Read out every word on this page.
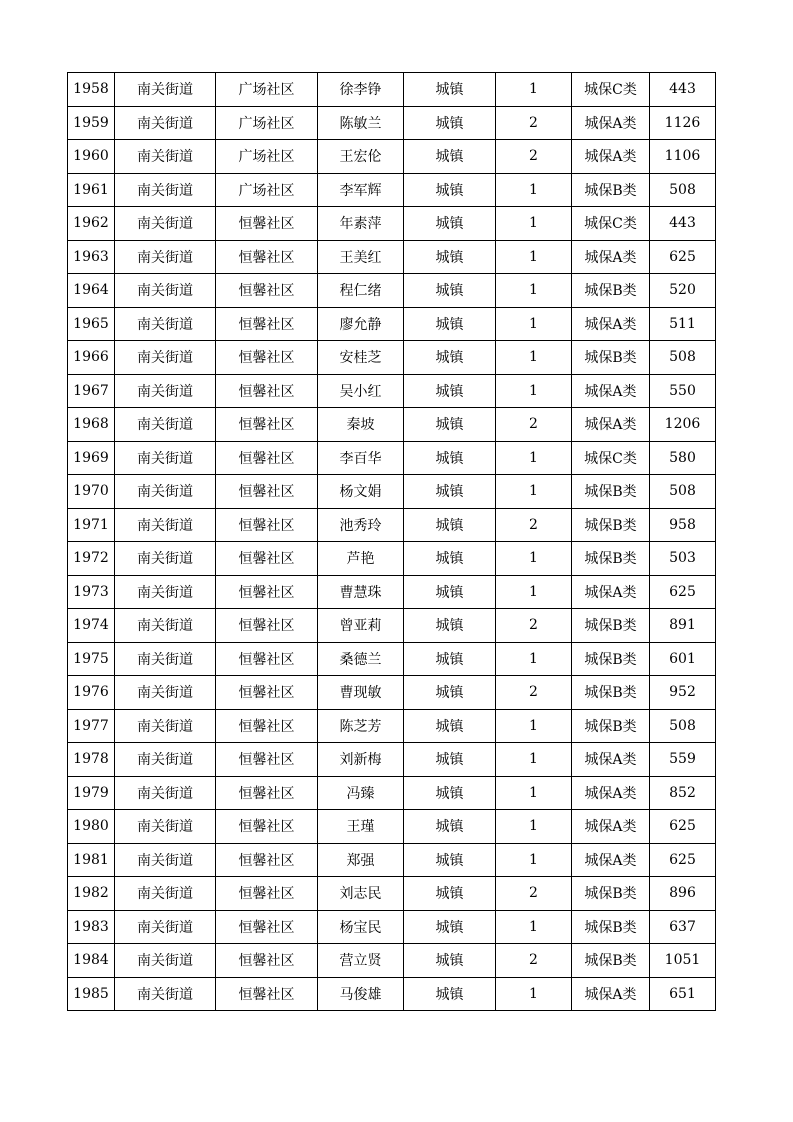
1958	南关街道	广场社区	徐李铮	城镇	1	城保C类	443
1959	南关街道	广场社区	陈敏兰	城镇	2	城保A类	1126
1960	南关街道	广场社区	王宏伦	城镇	2	城保A类	1106
1961	南关街道	广场社区	李军辉	城镇	1	城保B类	508
1962	南关街道	恒馨社区	年素萍	城镇	1	城保C类	443
1963	南关街道	恒馨社区	王美红	城镇	1	城保A类	625
1964	南关街道	恒馨社区	程仁绪	城镇	1	城保B类	520
1965	南关街道	恒馨社区	廖允静	城镇	1	城保A类	511
1966	南关街道	恒馨社区	安桂芝	城镇	1	城保B类	508
1967	南关街道	恒馨社区	吴小红	城镇	1	城保A类	550
1968	南关街道	恒馨社区	秦坡	城镇	2	城保A类	1206
1969	南关街道	恒馨社区	李百华	城镇	1	城保C类	580
1970	南关街道	恒馨社区	杨文娟	城镇	1	城保B类	508
1971	南关街道	恒馨社区	池秀玲	城镇	2	城保B类	958
1972	南关街道	恒馨社区	芦艳	城镇	1	城保B类	503
1973	南关街道	恒馨社区	曹慧珠	城镇	1	城保A类	625
1974	南关街道	恒馨社区	曾亚莉	城镇	2	城保B类	891
1975	南关街道	恒馨社区	桑德兰	城镇	1	城保B类	601
1976	南关街道	恒馨社区	曹现敏	城镇	2	城保B类	952
1977	南关街道	恒馨社区	陈芝芳	城镇	1	城保B类	508
1978	南关街道	恒馨社区	刘新梅	城镇	1	城保A类	559
1979	南关街道	恒馨社区	冯臻	城镇	1	城保A类	852
1980	南关街道	恒馨社区	王瑾	城镇	1	城保A类	625
1981	南关街道	恒馨社区	郑强	城镇	1	城保A类	625
1982	南关街道	恒馨社区	刘志民	城镇	2	城保B类	896
1983	南关街道	恒馨社区	杨宝民	城镇	1	城保B类	637
1984	南关街道	恒馨社区	营立贤	城镇	2	城保B类	1051
1985	南关街道	恒馨社区	马俊雄	城镇	1	城保A类	651
